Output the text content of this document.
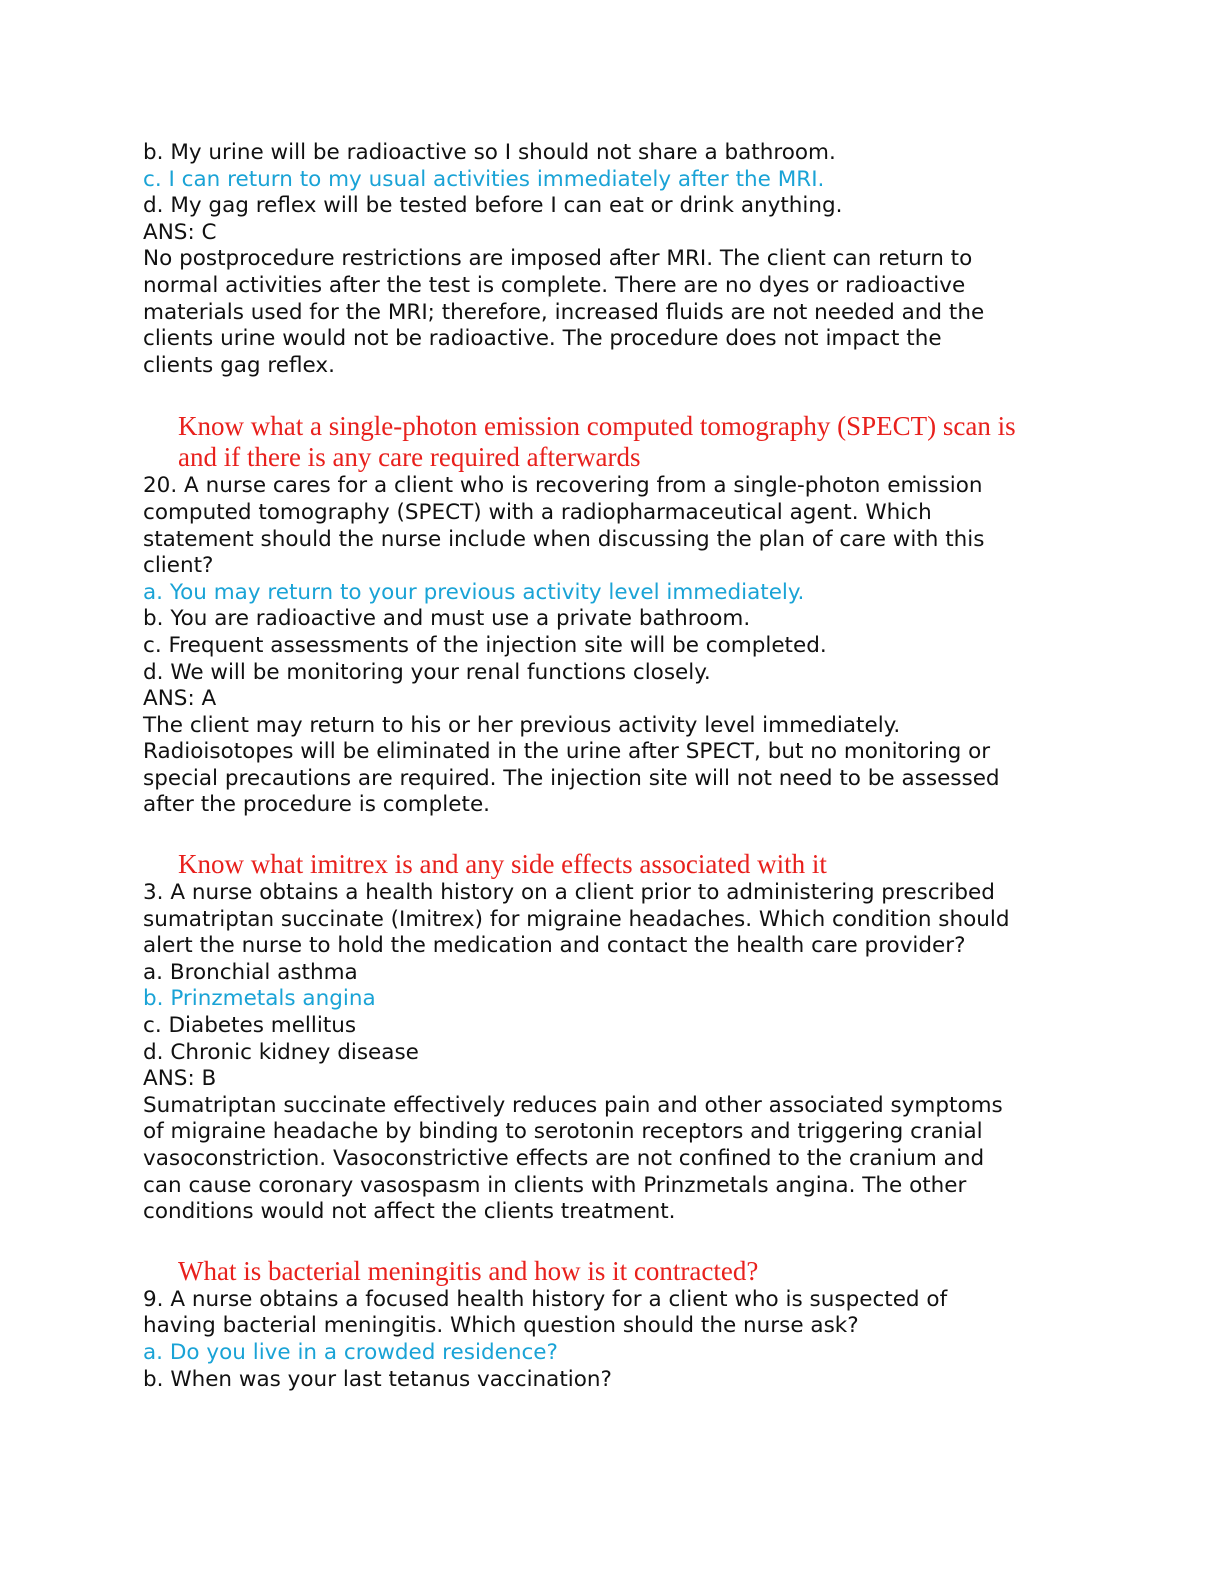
b. My urine will be radioactive so I should not share a bathroom.
c. I can return to my usual activities immediately after the MRI.
d. My gag reflex will be tested before I can eat or drink anything.
ANS: C
No postprocedure restrictions are imposed after MRI. The client can return to
normal activities after the test is complete. There are no dyes or radioactive
materials used for the MRI; therefore, increased fluids are not needed and the
clients urine would not be radioactive. The procedure does not impact the
clients gag reflex.
Know what a single-photon emission computed tomography (SPECT) scan is
and if there is any care required afterwards
20. A nurse cares for a client who is recovering from a single-photon emission
computed tomography (SPECT) with a radiopharmaceutical agent. Which
statement should the nurse include when discussing the plan of care with this
client?
a. You may return to your previous activity level immediately.
b. You are radioactive and must use a private bathroom.
c. Frequent assessments of the injection site will be completed.
d. We will be monitoring your renal functions closely.
ANS: A
The client may return to his or her previous activity level immediately.
Radioisotopes will be eliminated in the urine after SPECT, but no monitoring or
special precautions are required. The injection site will not need to be assessed
after the procedure is complete.
Know what imitrex is and any side effects associated with it
3. A nurse obtains a health history on a client prior to administering prescribed
sumatriptan succinate (Imitrex) for migraine headaches. Which condition should
alert the nurse to hold the medication and contact the health care provider?
a. Bronchial asthma
b. Prinzmetals angina
c. Diabetes mellitus
d. Chronic kidney disease
ANS: B
Sumatriptan succinate effectively reduces pain and other associated symptoms
of migraine headache by binding to serotonin receptors and triggering cranial
vasoconstriction. Vasoconstrictive effects are not confined to the cranium and
can cause coronary vasospasm in clients with Prinzmetals angina. The other
conditions would not affect the clients treatment.
What is bacterial meningitis and how is it contracted?
9. A nurse obtains a focused health history for a client who is suspected of
having bacterial meningitis. Which question should the nurse ask?
a. Do you live in a crowded residence?
b. When was your last tetanus vaccination?
